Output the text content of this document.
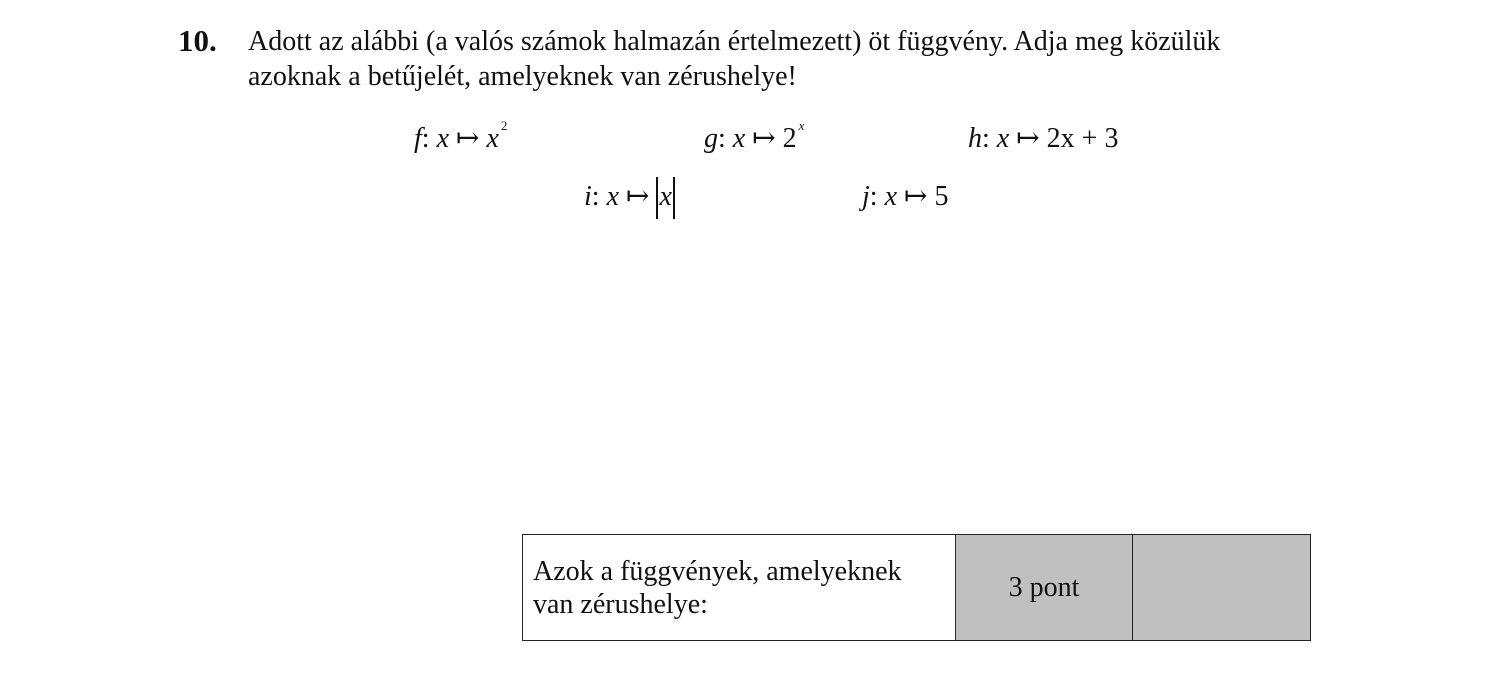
10. Adott az alábbi (a valós számok halmazán értelmezett) öt függvény. Adja meg közülük
azoknak a betűjelét, amelyeknek van zérushelye!
f: x ↦ x $^2$	g: x ↦ 2 $^x$	h: x ↦ 2x + 3
i: x ↦ x	j: x ↦ 5
Azok a függvények, amelyeknek
van zérushelye:
	3 pont	
